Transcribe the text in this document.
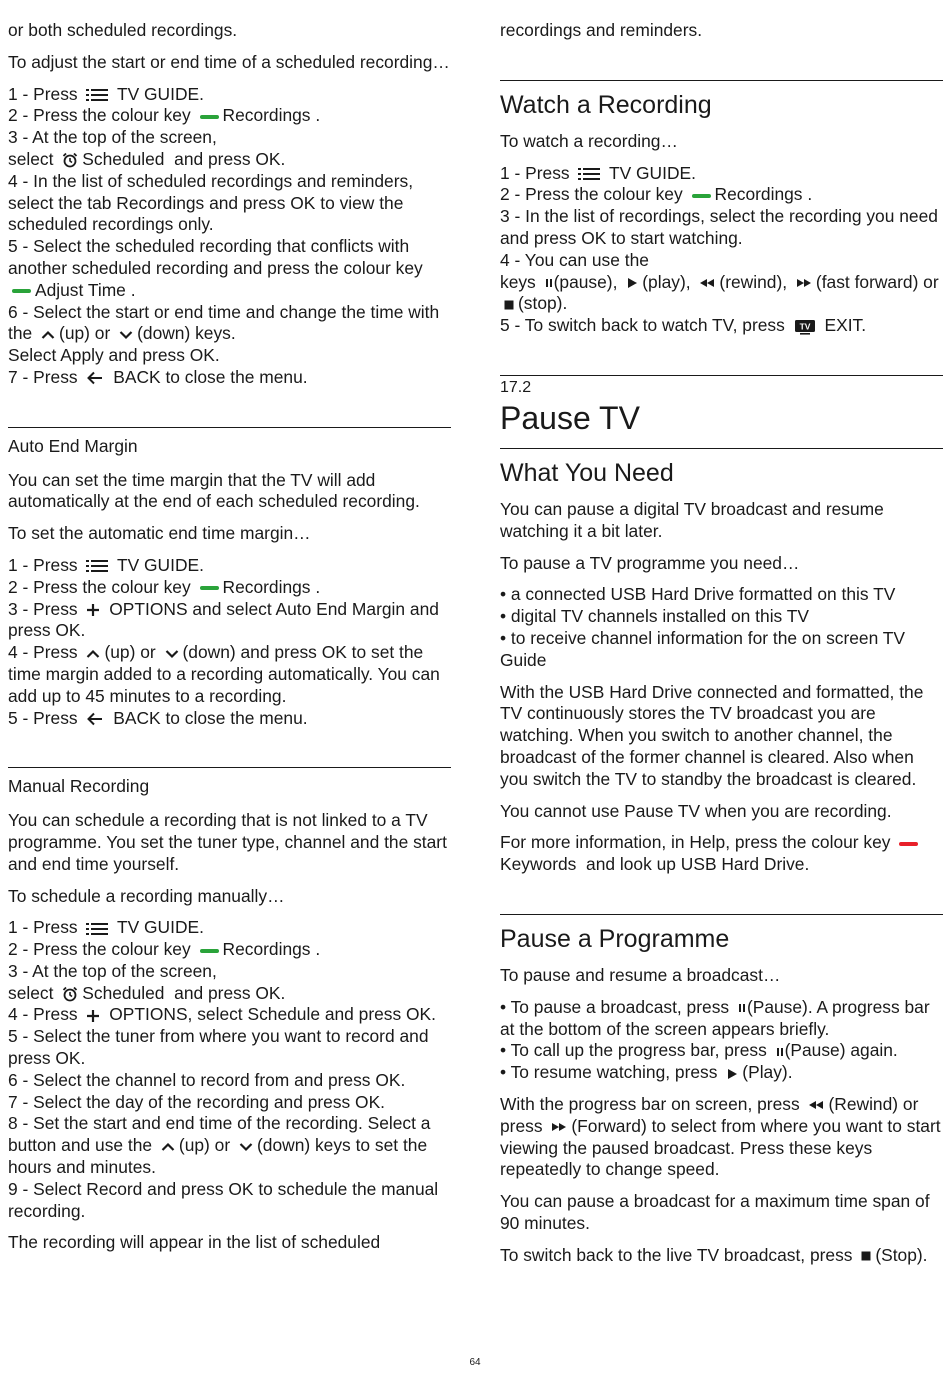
or both scheduled recordings.

To adjust the start or end time of a scheduled recording…

1 - Press TV GUIDE.
2 - Press the colour key Recordings .
3 - At the top of the screen,
select Scheduled and press OK.
4 - In the list of scheduled recordings and reminders, select the tab Recordings and press OK to view the scheduled recordings only.
5 - Select the scheduled recording that conflicts with another scheduled recording and press the colour key Adjust Time .
6 - Select the start or end time and change the time with the (up) or (down) keys.
Select Apply and press OK.
7 - Press BACK to close the menu.
Auto End Margin

You can set the time margin that the TV will add automatically at the end of each scheduled recording.

To set the automatic end time margin…

1 - Press TV GUIDE.
2 - Press the colour key Recordings .
3 - Press OPTIONS and select Auto End Margin and press OK.
4 - Press (up) or (down) and press OK to set the time margin added to a recording automatically. You can add up to 45 minutes to a recording.
5 - Press BACK to close the menu.
Manual Recording

You can schedule a recording that is not linked to a TV programme. You set the tuner type, channel and the start and end time yourself.

To schedule a recording manually…

1 - Press TV GUIDE.
2 - Press the colour key Recordings .
3 - At the top of the screen,
select Scheduled and press OK.
4 - Press OPTIONS, select Schedule and press OK.
5 - Select the tuner from where you want to record and press OK.
6 - Select the channel to record from and press OK.
7 - Select the day of the recording and press OK.
8 - Set the start and end time of the recording. Select a button and use the (up) or (down) keys to set the hours and minutes.
9 - Select Record and press OK to schedule the manual recording.

The recording will appear in the list of scheduled

recordings and reminders.

Watch a Recording

To watch a recording…

1 - Press TV GUIDE.
2 - Press the colour key Recordings .
3 - In the list of recordings, select the recording you need and press OK to start watching.
4 - You can use the
keys (pause), (play), (rewind), (fast forward) or (stop).
5 - To switch back to watch TV, press TV EXIT.
17.2
Pause TV
What You Need

You can pause a digital TV broadcast and resume watching it a bit later.

To pause a TV programme you need…

• a connected USB Hard Drive formatted on this TV
• digital TV channels installed on this TV
• to receive channel information for the on screen TV Guide

With the USB Hard Drive connected and formatted, the TV continuously stores the TV broadcast you are watching. When you switch to another channel, the broadcast of the former channel is cleared. Also when you switch the TV to standby the broadcast is cleared.

You cannot use Pause TV when you are recording.

For more information, in Help, press the colour key Keywords and look up USB Hard Drive.

Pause a Programme

To pause and resume a broadcast…

• To pause a broadcast, press (Pause). A progress bar at the bottom of the screen appears briefly.
• To call up the progress bar, press (Pause) again.
• To resume watching, press (Play).

With the progress bar on screen, press (Rewind) or press (Forward) to select from where you want to start viewing the paused broadcast. Press these keys repeatedly to change speed.

You can pause a broadcast for a maximum time span of 90 minutes.

To switch back to the live TV broadcast, press (Stop).

64
